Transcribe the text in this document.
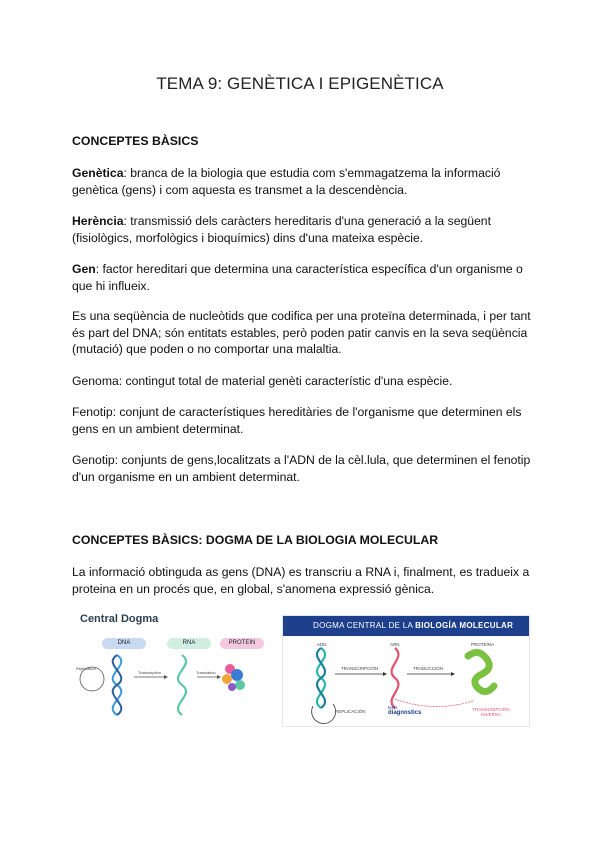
TEMA 9: GENÈTICA I EPIGENÈTICA
CONCEPTES BÀSICS
Genètica: branca de la biologia que estudia com s'emmagatzema la informació genètica (gens) i com aquesta es transmet a la descendència.
Herència: transmissió dels caràcters hereditaris d'una generació a la següent (fisiològics, morfològics i bioquímics) dins d'una mateixa espècie.
Gen: factor hereditari que determina una característica específica d'un organisme o que hi influeix.
Es una seqüència de nucleòtids que codifica per una proteïna determinada, i per tant és part del DNA; són entitats estables, però poden patir canvis en la seva seqüència (mutació) que poden o no comportar una malaltia.
Genoma: contingut total de material genèti característic d'una espècie.
Fenotip: conjunt de característiques hereditàries de l'organisme que determinen els gens en un ambient determinat.
Genotip: conjunts de gens,localitzats a l'ADN de la cèl.lula, que determinen el fenotip d'un organisme en un ambient determinat.
CONCEPTES BÀSICS: DOGMA DE LA BIOLOGIA MOLECULAR
La informació obtinguda as gens (DNA) es transcriu a RNA i, finalment, es tradueix a proteina en un procés que, en global, s'anomena expressió gènica.
Central Dogma
DNA	RNA	PROTEIN
Replication
Transcription	Translation
DOGMA CENTRAL DE LA BIOLOGÍA MOLECULAR
ADN	ARN	PROTEÍNA
TRANSCRIPCIÓN	TRADUCCIÓN
REPLICACIÓN	TRANSCRIPCIÓN INVERSA
tests
diagnostics
